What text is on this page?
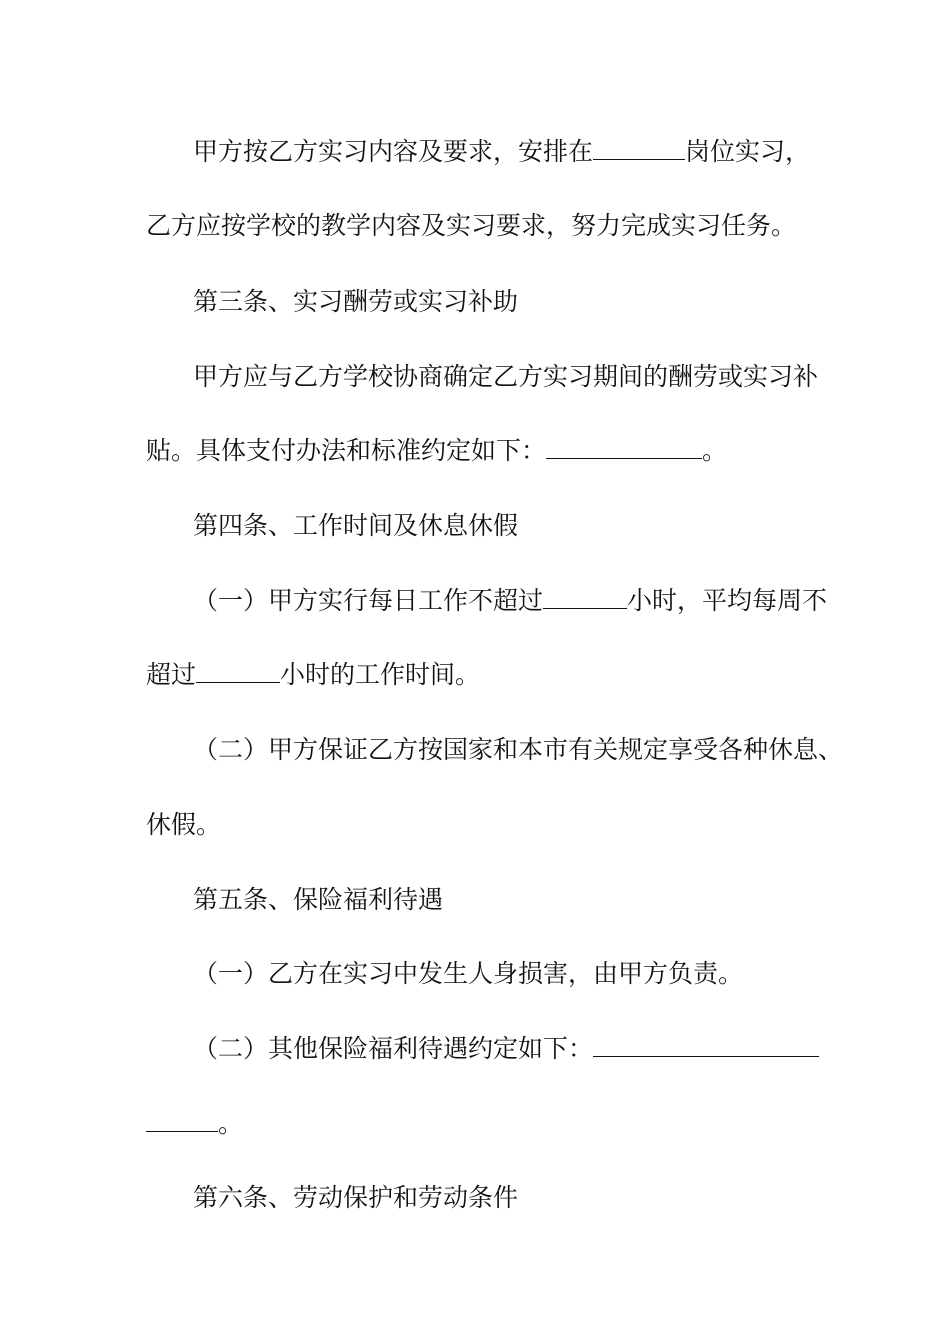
甲方按乙方实习内容及要求，安排在	岗位实习，
乙方应按学校的教学内容及实习要求，努力完成实习任务。
第三条、实习酬劳或实习补助
甲方应与乙方学校协商确定乙方实习期间的酬劳或实习补
贴。具体支付办法和标准约定如下：	。
第四条、工作时间及休息休假
（一）甲方实行每日工作不超过	小时，平均每周不
超过	小时的工作时间。
（二）甲方保证乙方按国家和本市有关规定享受各种休息、
休假。
第五条、保险福利待遇
（一）乙方在实习中发生人身损害，由甲方负责。
（二）其他保险福利待遇约定如下：
。
第六条、劳动保护和劳动条件
